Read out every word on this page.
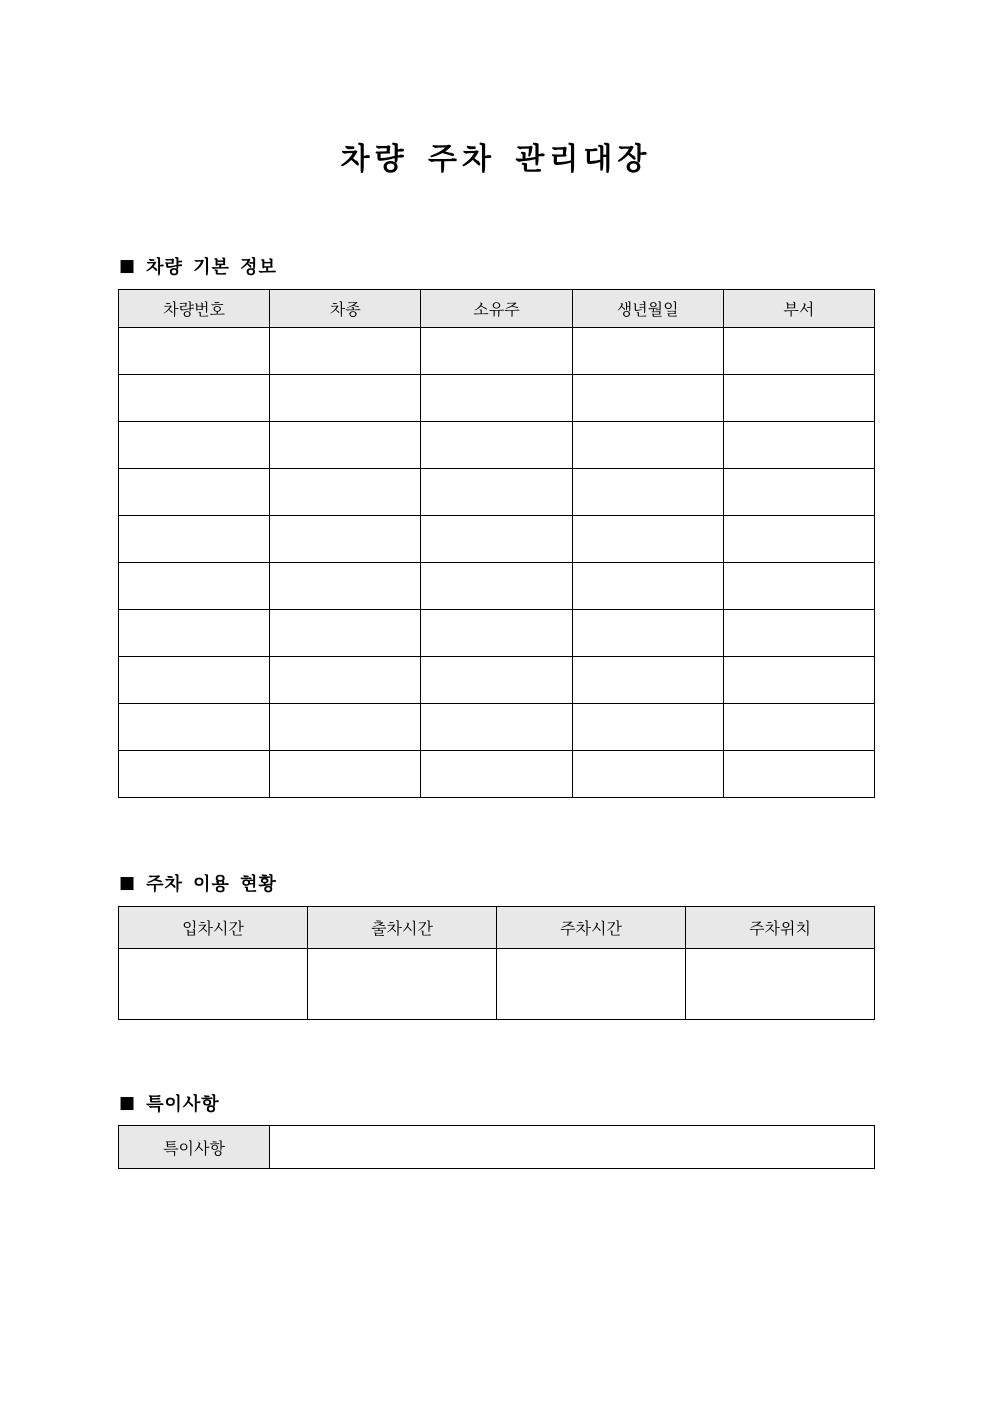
차량 주차 관리대장
■ 차량 기본 정보
차량번호	차종	소유주	생년월일	부서

■ 주차 이용 현황
입차시간	출차시간	주차시간	주차위치

■ 특이사항
특이사항	
